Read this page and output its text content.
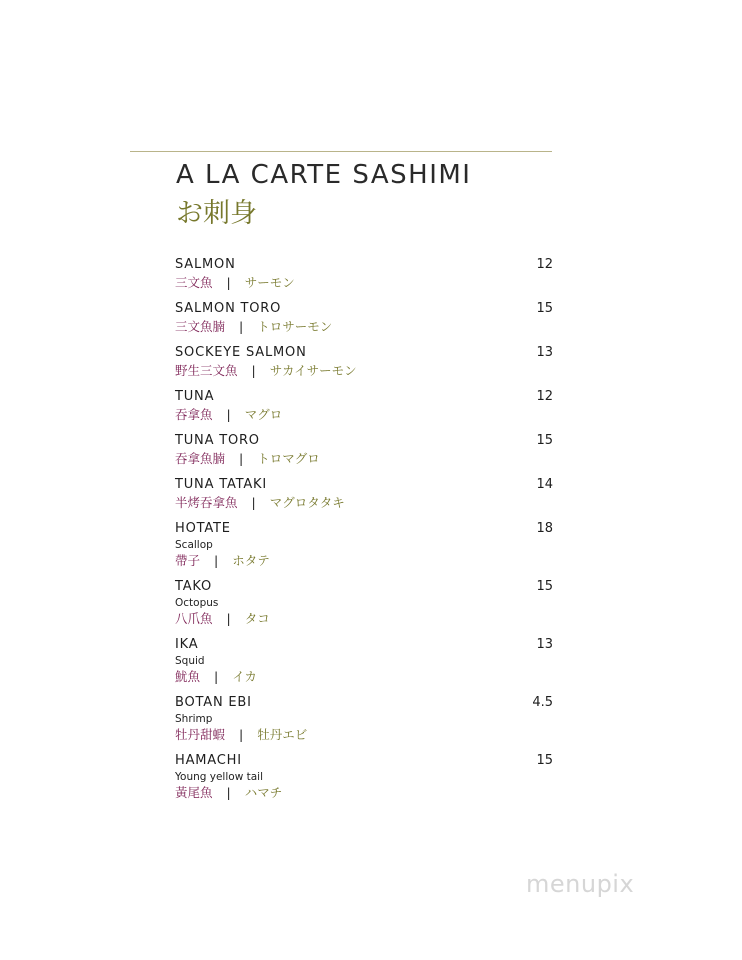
A LA CARTE SASHIMI
お刺身
SALMON	12
三文魚 | サーモン
SALMON TORO	15
三文魚腩 | トロサーモン
SOCKEYE SALMON	13
野生三文魚 | サカイサーモン
TUNA	12
吞拿魚 | マグロ
TUNA TORO	15
吞拿魚腩 | トロマグロ
TUNA TATAKI	14
半烤吞拿魚 | マグロタタキ
HOTATE	18
Scallop
帶子 | ホタテ
TAKO	15
Octopus
八爪魚 | タコ
IKA	13
Squid
魷魚 | イカ
BOTAN EBI	4.5
Shrimp
牡丹甜蝦 | 牡丹エビ
HAMACHI	15
Young yellow tail
黃尾魚 | ハマチ
menupix
